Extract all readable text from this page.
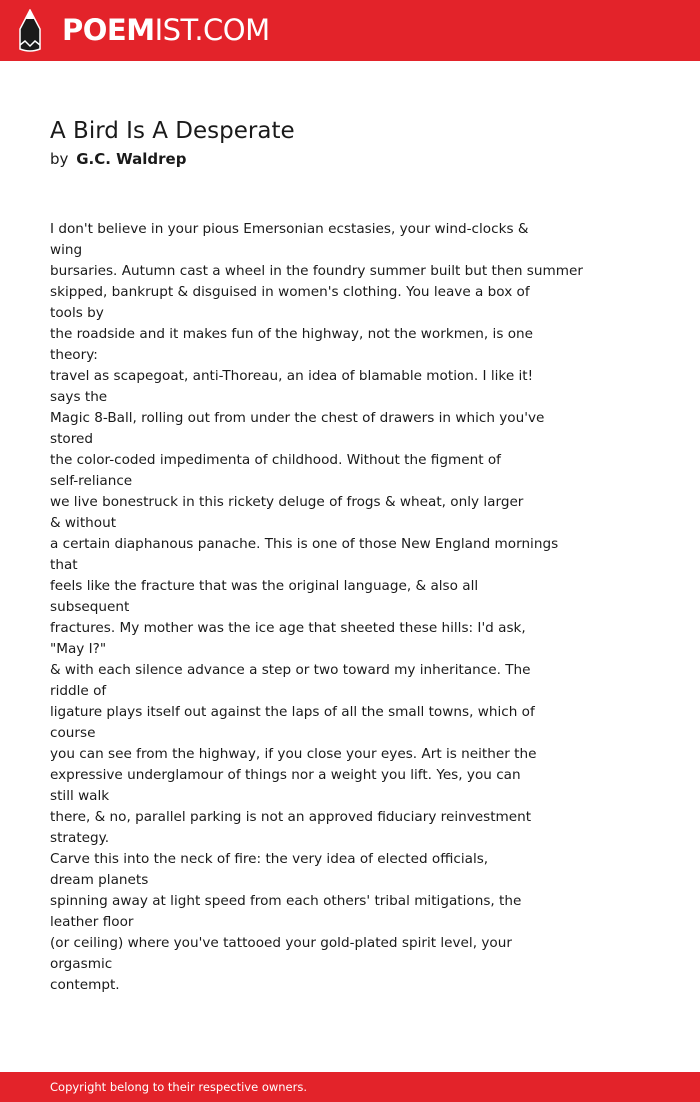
POEMIST.COM
A Bird Is A Desperate
by G.C. Waldrep
I don't believe in your pious Emersonian ecstasies, your wind-clocks &
wing
bursaries. Autumn cast a wheel in the foundry summer built but then summer
skipped, bankrupt & disguised in women's clothing. You leave a box of
tools by
the roadside and it makes fun of the highway, not the workmen, is one
theory:
travel as scapegoat, anti-Thoreau, an idea of blamable motion. I like it!
says the
Magic 8-Ball, rolling out from under the chest of drawers in which you've
stored
the color-coded impedimenta of childhood. Without the figment of
self-reliance
we live bonestruck in this rickety deluge of frogs & wheat, only larger
& without
a certain diaphanous panache. This is one of those New England mornings
that
feels like the fracture that was the original language, & also all
subsequent
fractures. My mother was the ice age that sheeted these hills: I'd ask,
"May I?"
& with each silence advance a step or two toward my inheritance. The
riddle of
ligature plays itself out against the laps of all the small towns, which of
course
you can see from the highway, if you close your eyes. Art is neither the
expressive underglamour of things nor a weight you lift. Yes, you can
still walk
there, & no, parallel parking is not an approved fiduciary reinvestment
strategy.
Carve this into the neck of fire: the very idea of elected officials,
dream planets
spinning away at light speed from each others' tribal mitigations, the
leather floor
(or ceiling) where you've tattooed your gold-plated spirit level, your
orgasmic
contempt.
Copyright belong to their respective owners.
